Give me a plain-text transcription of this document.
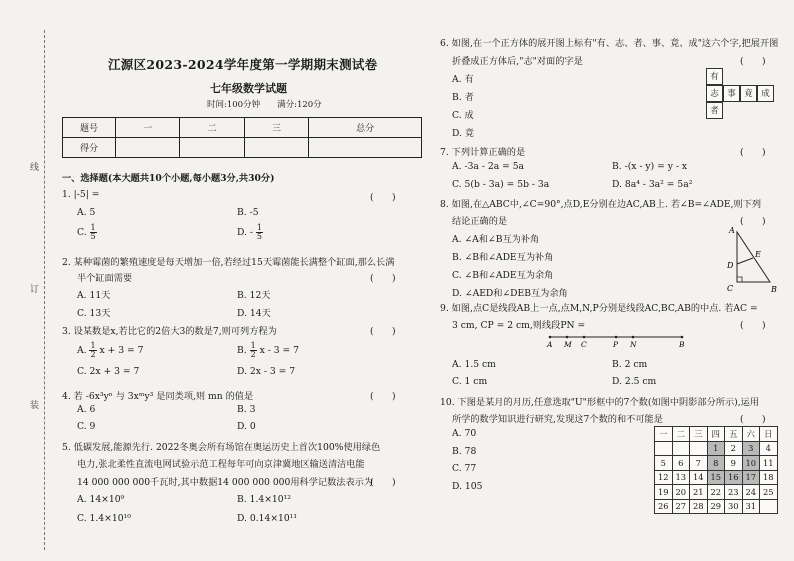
线
订
装
江源区2023-2024学年度第一学期期末测试卷
七年级数学试题
时间:100分钟　　满分:120分
题号	一	二	三	总分
得分				
一、选择题(本大题共10个小题,每小题3分,共30分)
1. |-5| =	(　　)
A. 5	B. -5
C. $\frac{1}{5}$	D. - $\frac{1}{5}$
2. 某种霉菌的繁殖速度是每天增加一倍,若经过15天霉菌能长满整个缸面,那么长满
半个缸面需要	(　　)
A. 11天	B. 12天
C. 13天	D. 14天
3. 设某数是x,若比它的2倍大3的数是7,则可列方程为	(　　)
A. $\frac{1}{2}$ x + 3 = 7	B. $\frac{1}{2}$ x - 3 = 7
C. 2x + 3 = 7	D. 2x - 3 = 7
4. 若 -6x³yⁿ 与 3xᵐy³ 是同类项,则 mn 的值是	(　　)
A. 6	B. 3
C. 9	D. 0
5. 低碳发展,能源先行. 2022冬奥会所有场馆在奥运历史上首次100%使用绿色
电力,张北柔性直流电网试验示范工程每年可向京津冀地区输送清洁电能
14 000 000 000千瓦时,其中数据14 000 000 000用科学记数法表示为
(　　)
A. 14×10⁹	B. 1.4×10¹²
C. 1.4×10¹⁰	D. 0.14×10¹¹
6. 如图,在一个正方体的展开图上标有"有、志、者、事、竟、成"这六个字,把展开图
折叠成正方体后,"志"对面的字是	(　　)
A. 有
B. 者
C. 成
D. 竟
有
志 事 竟 成
者
7. 下列计算正确的是	(　　)
A. -3a - 2a = 5a	B. -(x - y) = y - x
C. 5(b - 3a) = 5b - 3a	D. 8a⁴ - 3a² = 5a²
8. 如图,在△ABC中,∠C=90°,点D,E分别在边AC,AB上. 若∠B=∠ADE,则下列
结论正确的是	(　　)
A. ∠A和∠B互为补角
B. ∠B和∠ADE互为补角
C. ∠B和∠ADE互为余角
D. ∠AED和∠DEB互为余角
A
B
C
D
E
9. 如图,点C是线段AB上一点,点M,N,P分别是线段AC,BC,AB的中点. 若AC =
3 cm, CP = 2 cm,则线段PN =	(　　)
A M C	P N	B
A. 1.5 cm	B. 2 cm
C. 1 cm	D. 2.5 cm
10. 下图是某月的月历,任意选取"U"形框中的7个数(如图中阴影部分所示),运用
所学的数学知识进行研究,发现这7个数的和不可能是	(　　)
A. 70
B. 78
C. 77
D. 105
一	二	三	四	五	六	日
			1	2	3	4
5	6	7	8	9	10	11
12	13	14	15	16	17	18
19	20	21	22	23	24	25
26	27	28	29	30	31	
